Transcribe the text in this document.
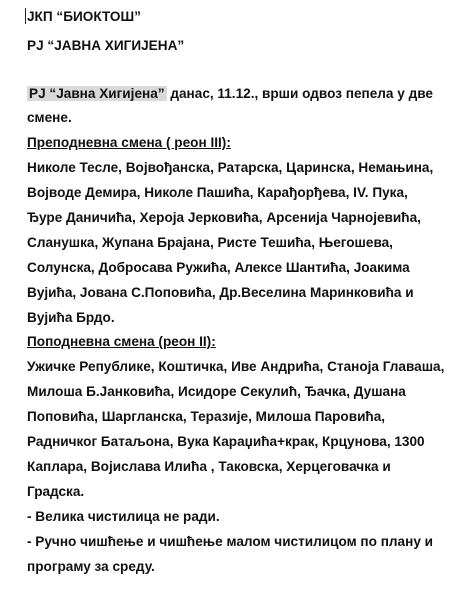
ЈКП “БИОКТОШ”
РЈ “ЈАВНА ХИГИЈЕНА”
РЈ “Јавна Хигијена” данас, 11.12., врши одвоз пепела у две
смене.
Преподневна смена ( реон III):
Николе Тесле, Војвођанска, Ратарска, Царинска, Немањина,
Војводе Демира, Николе Пашића, Карађорђева, IV. Пука,
Ђуре Даничића, Хероја Јерковића, Арсенија Чарнојевића,
Сланушка, Жупана Брајана, Ристе Тешића, Његошева,
Солунска, Добросава Ружића, Алексе Шантића, Јоакима
Вујића, Јована С.Поповића, Др.Веселина Маринковића и
Вујића Брдо.
Поподневна смена (реон II):
Ужичке Републике, Коштичка, Иве Андрића, Станоја Главаша,
Милоша Б.Јанковића, Исидоре Секулић, Ђачка, Душана
Поповића, Шаргланска, Теразије, Милоша Паровића,
Радничког Батаљона, Вука Караџића+крак, Крцунова, 1300
Каплара, Војислава Илића , Таковска, Херцеговачка и
Градска.
- Велика чистилица не ради.
- Ручно чишћење и чишћење малом чистилицом по плану и
програму за среду.
